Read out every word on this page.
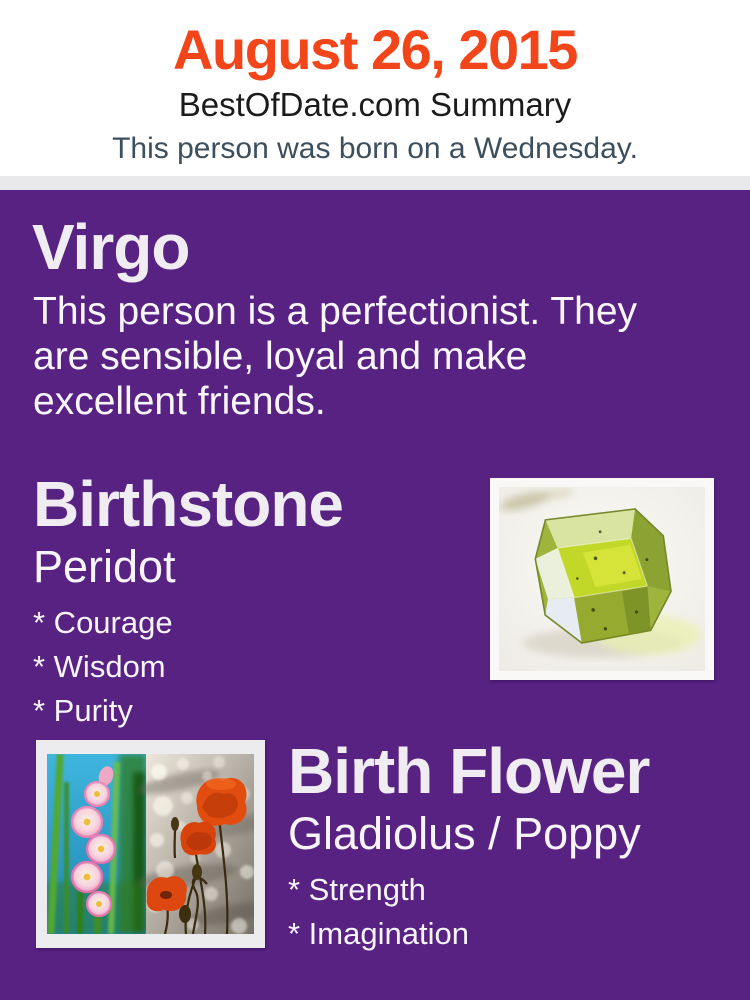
August 26, 2015
BestOfDate.com Summary
This person was born on a Wednesday.
Virgo

This person is a perfectionist. They are sensible, loyal and make excellent friends.

Birthstone
Peridot
* Courage
* Wisdom
* Purity
Birth Flower
Gladiolus / Poppy
* Strength
* Imagination
